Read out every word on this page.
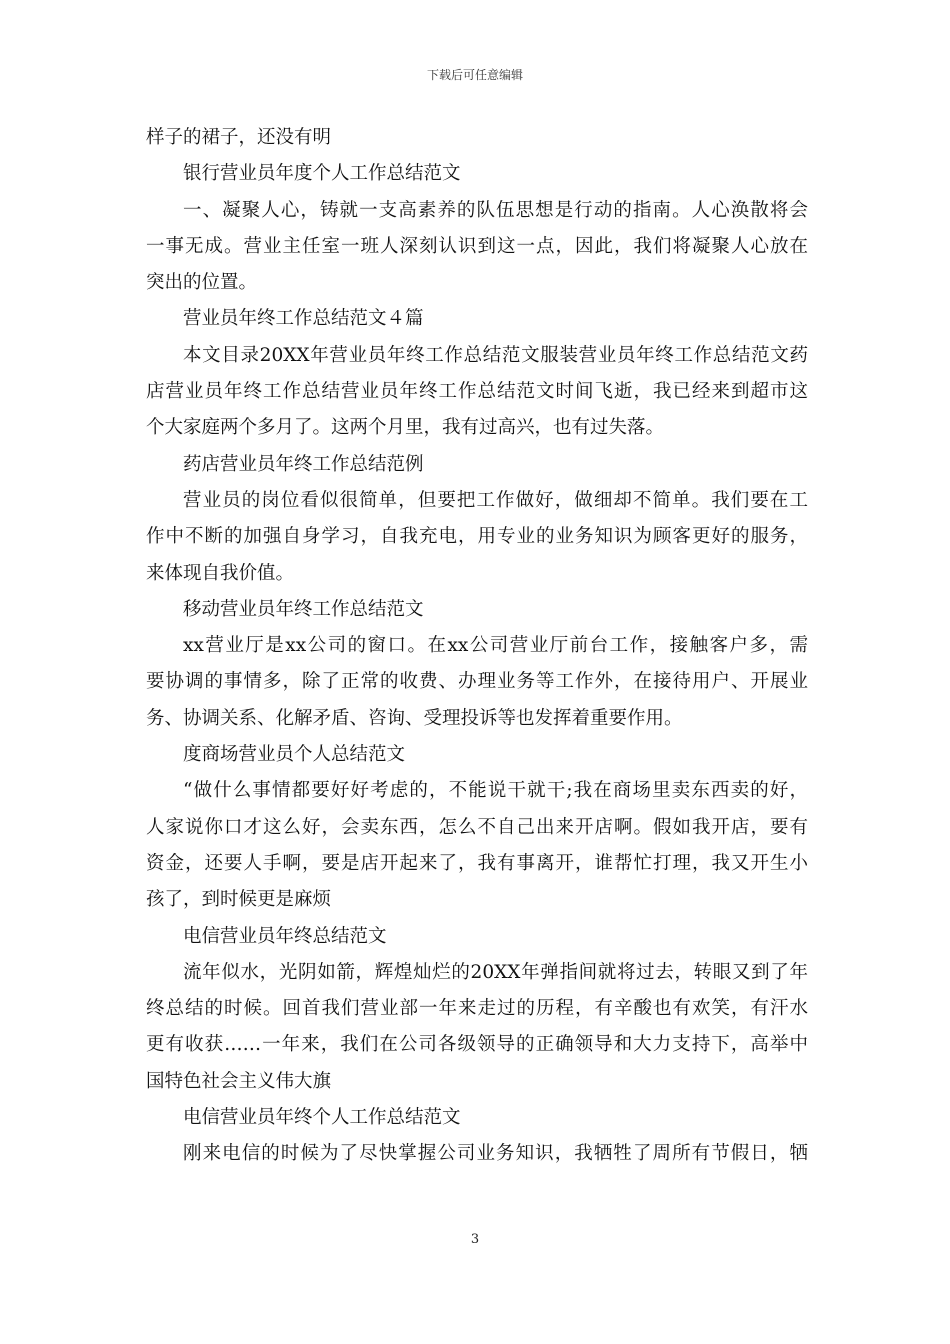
下载后可任意编辑
样子的裙子，还没有明
银行营业员年度个人工作总结范文
一、凝聚人心，铸就一支高素养的队伍思想是行动的指南。人心涣散将会
一事无成。营业主任室一班人深刻认识到这一点，因此，我们将凝聚人心放在
突出的位置。
营业员年终工作总结范文４篇
本文目录20XX年营业员年终工作总结范文服装营业员年终工作总结范文药
店营业员年终工作总结营业员年终工作总结范文时间飞逝，我已经来到超市这
个大家庭两个多月了。这两个月里，我有过高兴，也有过失落。
药店营业员年终工作总结范例
营业员的岗位看似很简单，但要把工作做好，做细却不简单。我们要在工
作中不断的加强自身学习，自我充电，用专业的业务知识为顾客更好的服务，
来体现自我价值。
移动营业员年终工作总结范文
xx营业厅是xx公司的窗口。在xx公司营业厅前台工作，接触客户多，需
要协调的事情多，除了正常的收费、办理业务等工作外，在接待用户、开展业
务、协调关系、化解矛盾、咨询、受理投诉等也发挥着重要作用。
度商场营业员个人总结范文
“做什么事情都要好好考虑的，不能说干就干;我在商场里卖东西卖的好，
人家说你口才这么好，会卖东西，怎么不自己出来开店啊。假如我开店，要有
资金，还要人手啊，要是店开起来了，我有事离开，谁帮忙打理，我又开生小
孩了，到时候更是麻烦
电信营业员年终总结范文
流年似水，光阴如箭，辉煌灿烂的20XX年弹指间就将过去，转眼又到了年
终总结的时候。回首我们营业部一年来走过的历程，有辛酸也有欢笑，有汗水
更有收获……一年来，我们在公司各级领导的正确领导和大力支持下，高举中
国特色社会主义伟大旗
电信营业员年终个人工作总结范文
刚来电信的时候为了尽快掌握公司业务知识，我牺牲了周所有节假日，牺
3
